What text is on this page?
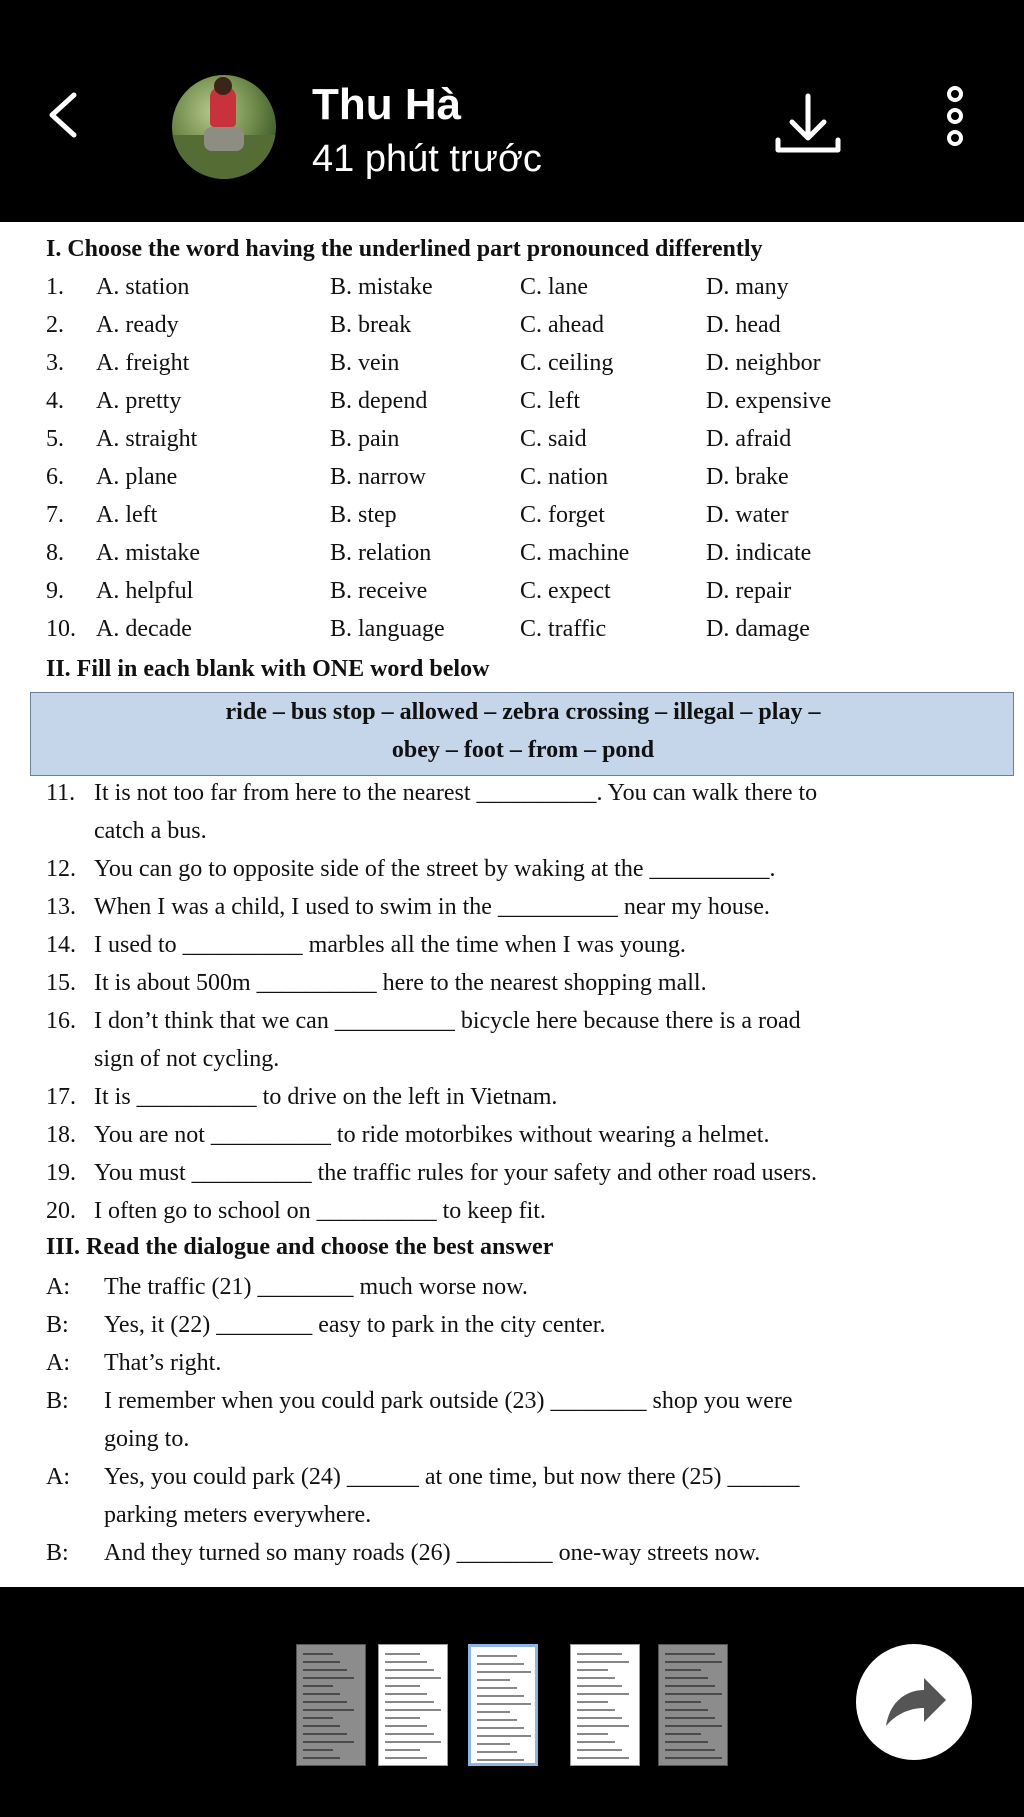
Thu Hà
41 phút trước
I. Choose the word having the underlined part pronounced differently
1. A. station	B. mistake	C. lane	D. many
2. A. ready	B. break	C. ahead	D. head
3. A. freight	B. vein	C. ceiling	D. neighbor
4. A. pretty	B. depend	C. left	D. expensive
5. A. straight	B. pain	C. said	D. afraid
6. A. plane	B. narrow	C. nation	D. brake
7. A. left	B. step	C. forget	D. water
8. A. mistake	B. relation	C. machine	D. indicate
9. A. helpful	B. receive	C. expect	D. repair
10. A. decade	B. language	C. traffic	D. damage
II. Fill in each blank with ONE word below
ride – bus stop – allowed – zebra crossing – illegal – play –
obey – foot – from – pond
11. It is not too far from here to the nearest __________. You can walk there to
catch a bus.
12. You can go to opposite side of the street by waking at the __________.
13. When I was a child, I used to swim in the __________ near my house.
14. I used to __________ marbles all the time when I was young.
15. It is about 500m __________ here to the nearest shopping mall.
16. I don’t think that we can __________ bicycle here because there is a road
sign of not cycling.
17. It is __________ to drive on the left in Vietnam.
18. You are not __________ to ride motorbikes without wearing a helmet.
19. You must __________ the traffic rules for your safety and other road users.
20. I often go to school on __________ to keep fit.
III. Read the dialogue and choose the best answer
A: The traffic (21) ________ much worse now.
B: Yes, it (22) ________ easy to park in the city center.
A: That’s right.
B: I remember when you could park outside (23) ________ shop you were
going to.
A: Yes, you could park (24) ______ at one time, but now there (25) ______
parking meters everywhere.
B: And they turned so many roads (26) ________ one-way streets now.
